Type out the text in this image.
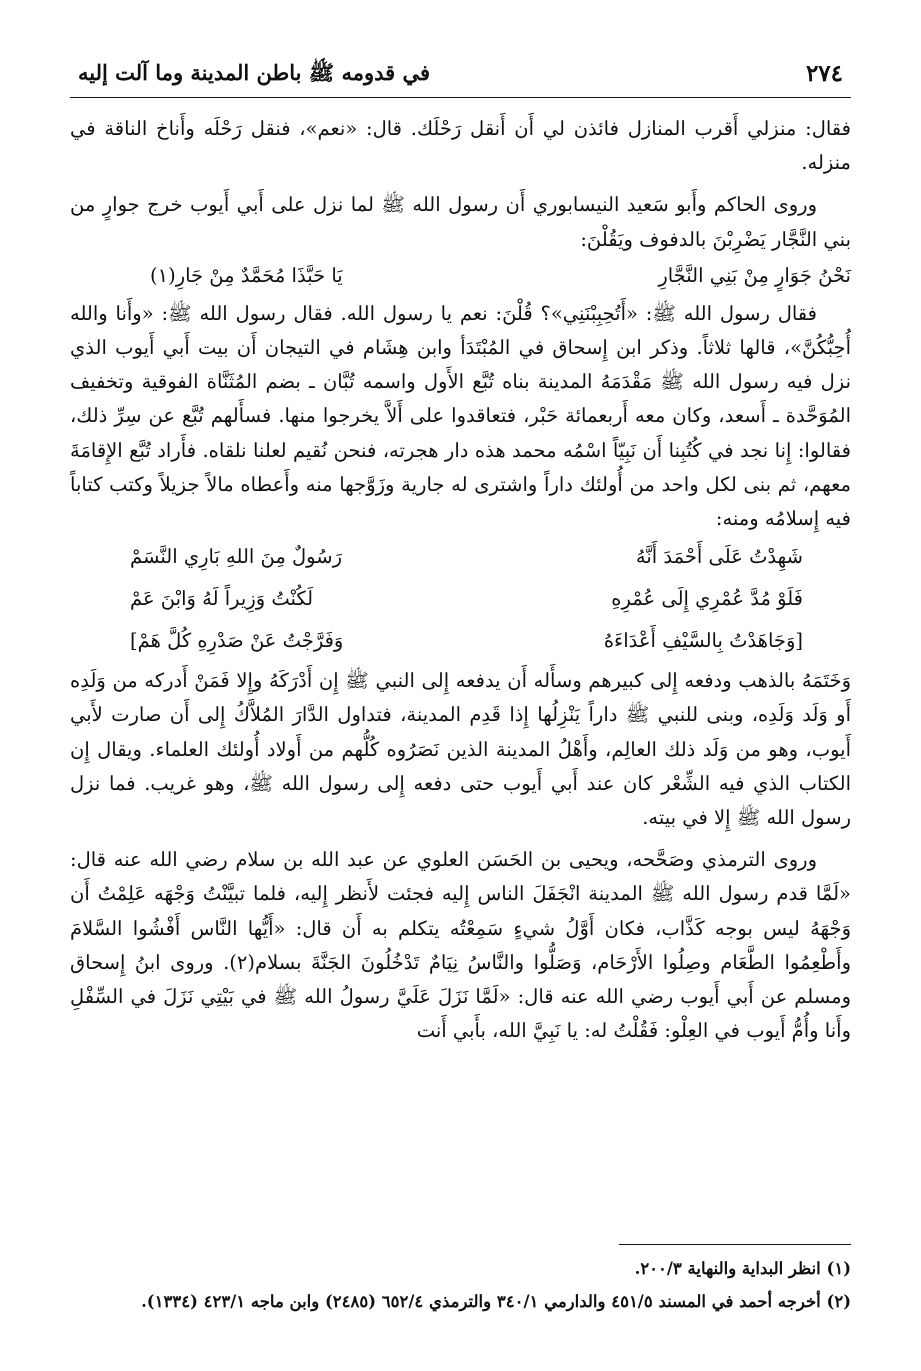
٢٧٤
في قدومه ﷺ باطن المدينة وما آلت إليه

فقال: منزلي أَقرب المنازل فائذن لي أَن أَنقل رَحْلَك. قال: «نعم»، فنقل رَحْلَه وأَناخ الناقة في منزله.

وروى الحاكم وأَبو سَعيد النيسابوري أَن رسول الله ﷺ لما نزل على أَبي أَيوب خرج جوارٍ من بني النَّجَّار يَضْرِبْنَ بالدفوف ويَقُلْنَ:

نَحْنُ جَوَارٍ مِنْ بَنِي النَّجَّارِ
يَا حَبَّذَا مُحَمَّدٌ مِنْ جَارِ(١)

فقال رسول الله ﷺ: «أَتُحِبِبْنَنِي»؟ قُلْنَ: نعم يا رسول الله. فقال رسول الله ﷺ: «وأَنا والله أُحِبُّكُنَّ»، قالها ثلاثاً. وذكر ابن إِسحاق في المُبْتَدَأ وابن هِشَام في التيجان أَن بيت أَبي أَيوب الذي نزل فيه رسول الله ﷺ مَقْدَمَهُ المدينة بناه تُبَّع الأَول واسمه تُبَّان ـ بضم المُثَنَّاة الفوقية وتخفيف المُوَحَّدة ـ أَسعد، وكان معه أَربعمائة حَبْر، فتعاقدوا على أَلاَّ يخرجوا منها. فسأَلهم تُبَّع عن سِرِّ ذلك، فقالوا: إِنا نجد في كُتُبِنا أَن نَبِيّاً اسْمُه محمد هذه دار هجرته، فنحن نُقيم لعلنا نلقاه. فأَراد تُبَّع الإِقامَةَ معهم، ثم بنى لكل واحد من أُولئك داراً واشترى له جارية وزَوَّجها منه وأَعطاه مالاً جزيلاً وكتب كتاباً فيه إِسلامُه ومنه:

شَهِدْتُ عَلَى أَحْمَدَ أَنَّهُ
رَسُولٌ مِنَ اللهِ بَارِي النَّسَمْ
فَلَوْ مُدَّ عُمْرِي إِلَى عُمْرِهِ
لَكُنْتُ وَزِيراً لَهُ وَابْنَ عَمْ
[وَجَاهَدْتُ بِالسَّيْفِ أَعْدَاءَهُ
وَفَرَّجْتُ عَنْ صَدْرِهِ كُلَّ هَمْ]

وَخَتَمَهُ بالذهب ودفعه إِلى كبيرهم وسأَله أَن يدفعه إِلى النبي ﷺ إِن أَدْرَكَهُ وإِلا فَمَنْ أَدركه من وَلَدِه أَو وَلَد وَلَدِه، وبنى للنبي ﷺ داراً يَنْزِلُها إِذا قَدِم المدينة، فتداول الدَّارَ المُلاَّكُ إِلى أَن صارت لأَبي أَيوب، وهو من وَلَد ذلك العالِم، وأَهْلُ المدينة الذين نَصَرُوه كُلُّهم من أَولاد أُولئك العلماء. ويقال إِن الكتاب الذي فيه الشِّعْر كان عند أَبي أَيوب حتى دفعه إِلى رسول الله ﷺ، وهو غريب. فما نزل رسول الله ﷺ إِلا في بيته.

وروى الترمذي وصَحَّحه، ويحيى بن الحَسَن العلوي عن عبد الله بن سلام رضي الله عنه قال: «لَمَّا قدم رسول الله ﷺ المدينة انْجَفَلَ الناس إِليه فجئت لأَنظر إِليه، فلما تبيَّنْتُ وَجْهَه عَلِمْتُ أَن وَجْهَهُ ليس بوجه كَذَّاب، فكان أَوَّلُ شيءٍ سَمِعْتُه يتكلم به أَن قال: «أَيُّها النَّاس أَفْشُوا السَّلامَ وأَطْعِمُوا الطَّعَام وصِلُوا الأَرْحَام، وَصَلُّوا والنَّاسُ نِيَامٌ تَدْخُلُونَ الجَنَّةَ بسلام(٢). وروى ابنُ إِسحاق ومسلم عن أَبي أَيوب رضي الله عنه قال: «لَمَّا نَزَلَ عَلَيَّ رسولُ الله ﷺ في بَيْتِي نَزَلَ في السِّفْلِ وأَنا وأُمُّ أَيوب في العِلْو: فَقُلْتُ له: يا نَبِيَّ الله، بأَبي أَنت

(١) انظر البداية والنهاية ٢٠٠/٣.

(٢) أخرجه أحمد في المسند ٤٥١/٥ والدارمي ٣٤٠/١ والترمذي ٦٥٢/٤ (٢٤٨٥) وابن ماجه ٤٢٣/١ (١٣٣٤).
